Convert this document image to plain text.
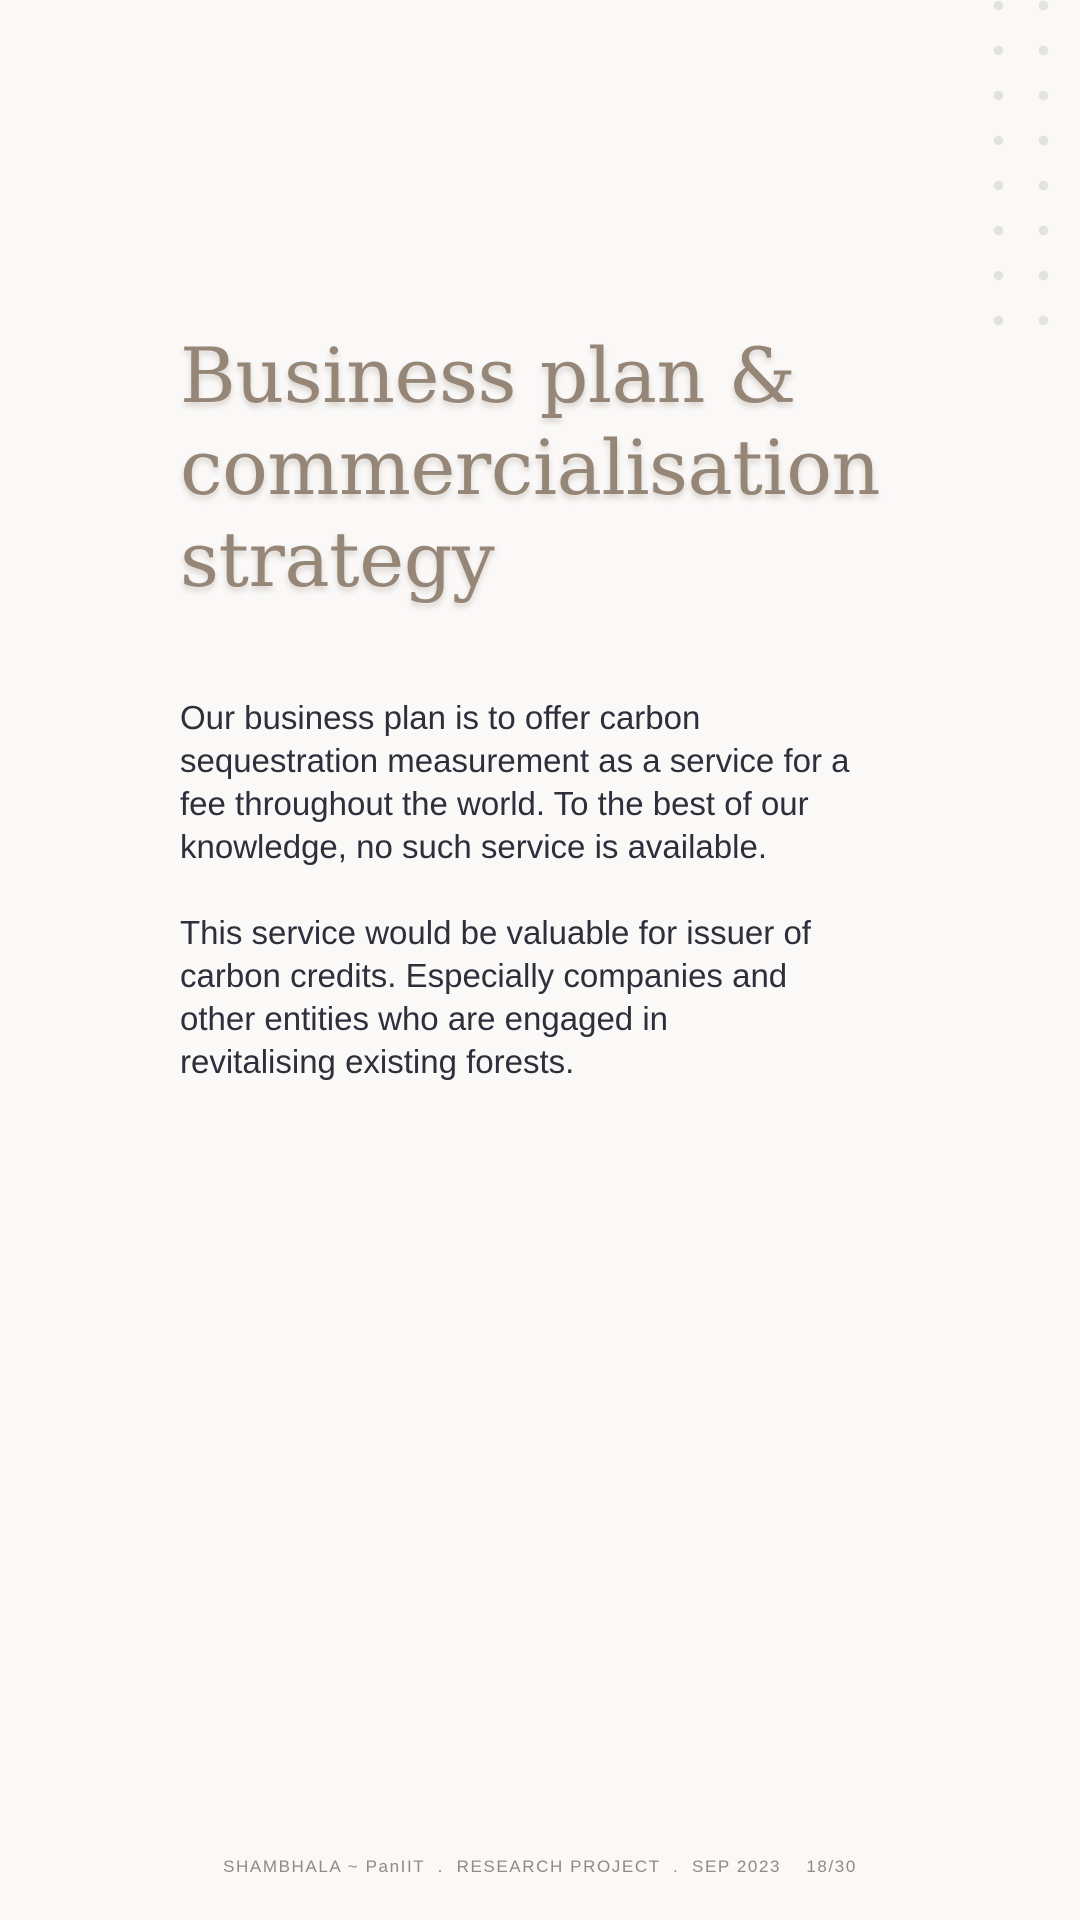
Business plan &
commercialisation
strategy

Our business plan is to offer carbon
sequestration measurement as a service for a
fee throughout the world. To the best of our
knowledge, no such service is available.

This service would be valuable for issuer of
carbon credits. Especially companies and
other entities who are engaged in
revitalising existing forests.

SHAMBHALA ~ PanIIT  .  RESEARCH PROJECT  .  SEP 2023    18/30
